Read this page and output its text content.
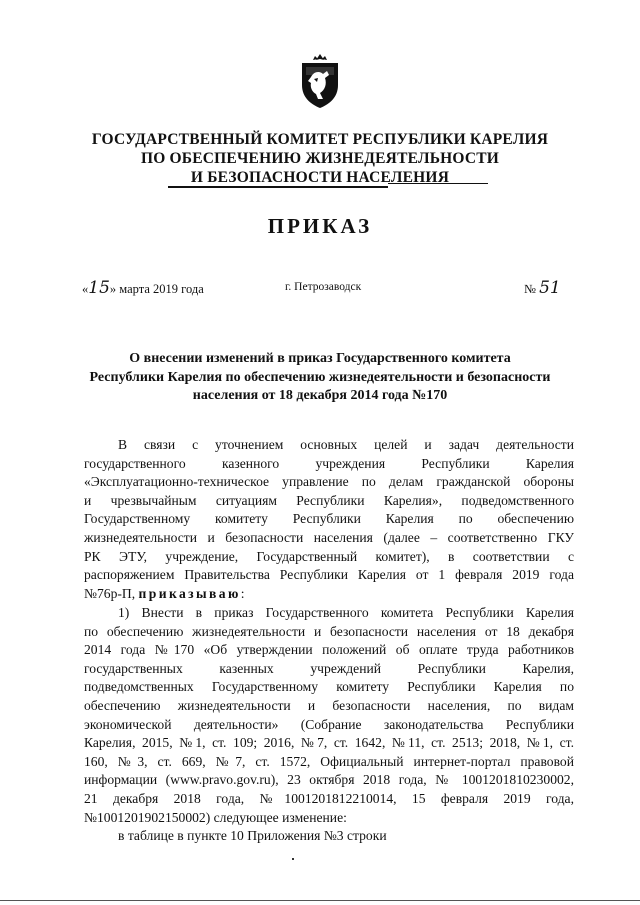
ГОСУДАРСТВЕННЫЙ КОМИТЕТ РЕСПУБЛИКИ КАРЕЛИЯ
ПО ОБЕСПЕЧЕНИЮ ЖИЗНЕДЕЯТЕЛЬНОСТИ
И БЕЗОПАСНОСТИ НАСЕЛЕНИЯ
ПРИКАЗ
«15» марта 2019 года	г. Петрозаводск	№ 51
О внесении изменений в приказ Государственного комитета
Республики Карелия по обеспечению жизнедеятельности и безопасности
населения от 18 декабря 2014 года №170

В связи с уточнением основных целей и задач деятельности

государственного казенного учреждения Республики Карелия

«Эксплуатационно-техническое управление по делам гражданской обороны

и чрезвычайным ситуациям Республики Карелия», подведомственного

Государственному комитету Республики Карелия по обеспечению

жизнедеятельности и безопасности населения (далее – соответственно ГКУ

РК ЭТУ, учреждение, Государственный комитет), в соответствии с

распоряжением Правительства Республики Карелия от 1 февраля 2019 года

№76р-П, приказываю:

1) Внести в приказ Государственного комитета Республики Карелия

по обеспечению жизнедеятельности и безопасности населения от 18 декабря

2014 года №170 «Об утверждении положений об оплате труда работников

государственных казенных учреждений Республики Карелия,

подведомственных Государственному комитету Республики Карелия по

обеспечению жизнедеятельности и безопасности населения, по видам

экономической деятельности» (Собрание законодательства Республики

Карелия, 2015, №1, ст. 109; 2016, №7, ст. 1642, №11, ст. 2513; 2018, №1, ст.

160, №3, ст. 669, №7, ст. 1572, Официальный интернет-портал правовой

информации (www.pravo.gov.ru), 23 октября 2018 года, № 1001201810230002,

21 декабря 2018 года, №1001201812210014, 15 февраля 2019 года,

№1001201902150002) следующее изменение:

в таблице в пункте 10 Приложения №3 строки
